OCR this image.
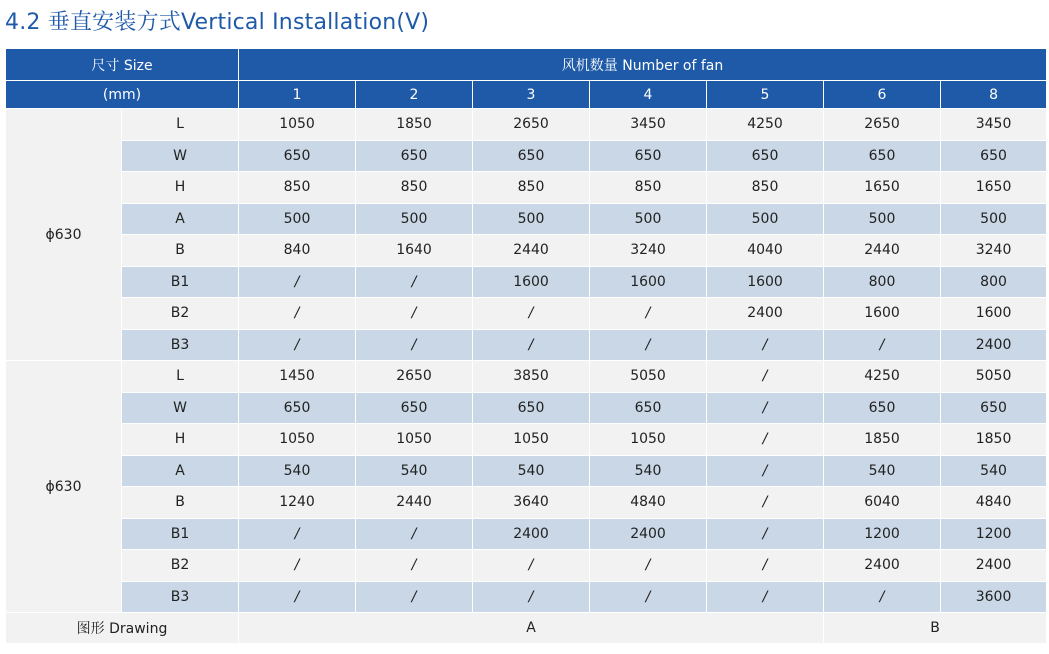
4.2 垂直安装方式Vertical Installation(V)
尺寸 Size		风机数量 Number of fan						
(mm)		1	2	3	4	5	6	8
ϕ630	L	1050	1850	2650	3450	4250	2650	3450
	W	650	650	650	650	650	650	650
	H	850	850	850	850	850	1650	1650
	A	500	500	500	500	500	500	500
	B	840	1640	2440	3240	4040	2440	3240
	B1	/	/	1600	1600	1600	800	800
	B2	/	/	/	/	2400	1600	1600
	B3	/	/	/	/	/	/	2400
ϕ630	L	1450	2650	3850	5050	/	4250	5050
	W	650	650	650	650	/	650	650
	H	1050	1050	1050	1050	/	1850	1850
	A	540	540	540	540	/	540	540
	B	1240	2440	3640	4840	/	6040	4840
	B1	/	/	2400	2400	/	1200	1200
	B2	/	/	/	/	/	2400	2400
	B3	/	/	/	/	/	/	3600
图形 Drawing		A					B	
